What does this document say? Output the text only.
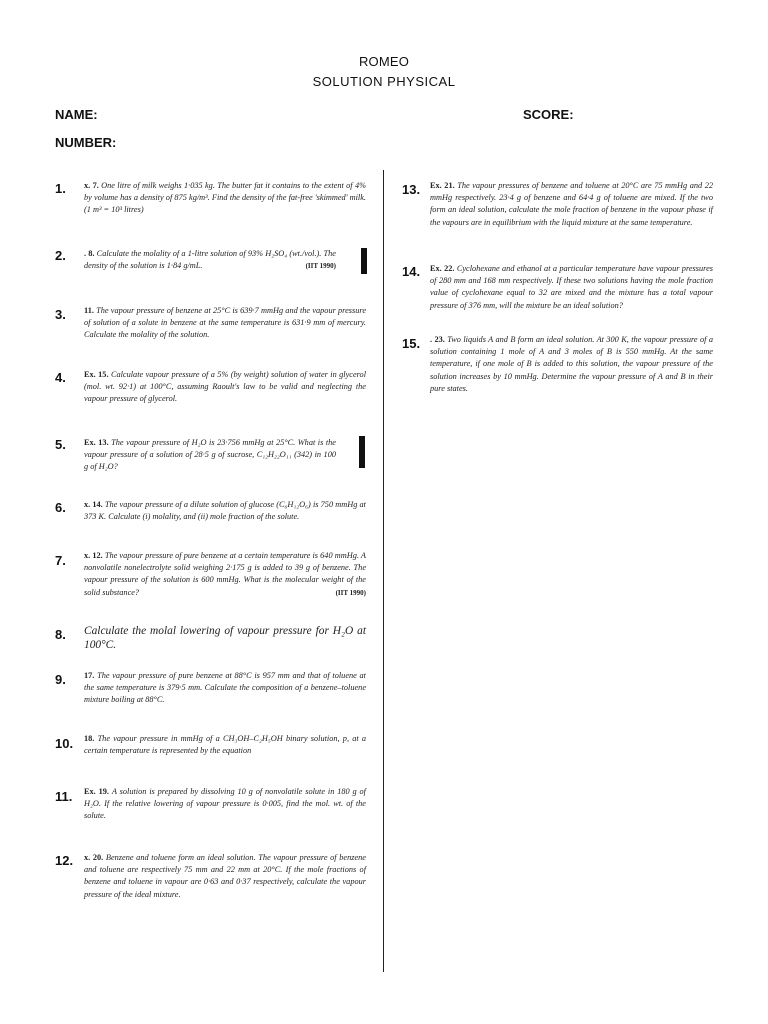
ROMEO
SOLUTION PHYSICAL
NAME:	SCORE:
NUMBER:
1. x. 7. One litre of milk weighs 1·035 kg. The butter fat it contains to the extent of 4% by volume has a density of 875 kg/m³. Find the density of the fat-free 'skimmed' milk. (1 m³ = 10³ litres)
2. . 8. Calculate the molality of a 1-litre solution of 93% H₂SO₄ (wt./vol.). The density of the solution is 1·84 g/mL.	(IIT 1990)
3. 11. The vapour pressure of benzene at 25°C is 639·7 mmHg and the vapour pressure of solution of a solute in benzene at the same temperature is 631·9 mm of mercury. Calculate the molality of the solution.
4. Ex. 15. Calculate vapour pressure of a 5% (by weight) solution of water in glycerol (mol. wt. 92·1) at 100°C, assuming Raoult's law to be valid and neglecting the vapour pressure of glycerol.
5. Ex. 13. The vapour pressure of H₂O is 23·756 mmHg at 25°C. What is the vapour pressure of a solution of 28·5 g of sucrose, C₁₂H₂₂O₁₁ (342) in 100 g of H₂O?
6. x. 14. The vapour pressure of a dilute solution of glucose (C₆H₁₂O₆) is 750 mmHg at 373 K. Calculate (i) molality, and (ii) mole fraction of the solute.
7. x. 12. The vapour pressure of pure benzene at a certain temperature is 640 mmHg. A nonvolatile nonelectrolyte solid weighing 2·175 g is added to 39 g of benzene. The vapour pressure of the solution is 600 mmHg. What is the molecular weight of the solid substance?	(IIT 1990)
8. Calculate the molal lowering of vapour pressure for H₂O at 100°C.
9. 17. The vapour pressure of pure benzene at 88°C is 957 mm and that of toluene at the same temperature is 379·5 mm. Calculate the composition of a benzene–toluene mixture boiling at 88°C.
10. 18. The vapour pressure in mmHg of a CH₃OH–C₂H₅OH binary solution, p, at a certain temperature is represented by the equation
11. Ex. 19. A solution is prepared by dissolving 10 g of nonvolatile solute in 180 g of H₂O. If the relative lowering of vapour pressure is 0·005, find the mol. wt. of the solute.
12. x. 20. Benzene and toluene form an ideal solution. The vapour pressure of benzene and toluene are respectively 75 mm and 22 mm at 20°C. If the mole fractions of benzene and toluene in vapour are 0·63 and 0·37 respectively, calculate the vapour pressure of the ideal mixture.
13. Ex. 21. The vapour pressures of benzene and toluene at 20°C are 75 mmHg and 22 mmHg respectively. 23·4 g of benzene and 64·4 g of toluene are mixed. If the two form an ideal solution, calculate the mole fraction of benzene in the vapour phase if the vapours are in equilibrium with the liquid mixture at the same temperature.
14. Ex. 22. Cyclohexane and ethanol at a particular temperature have vapour pressures of 280 mm and 168 mm respectively. If these two solutions having the mole fraction value of cyclohexane equal to 32 are mixed and the mixture has a total vapour pressure of 376 mm, will the mixture be an ideal solution?
15. . 23. Two liquids A and B form an ideal solution. At 300 K, the vapour pressure of a solution containing 1 mole of A and 3 moles of B is 550 mmHg. At the same temperature, if one mole of B is added to this solution, the vapour pressure of the solution increases by 10 mmHg. Determine the vapour pressure of A and B in their pure states.
